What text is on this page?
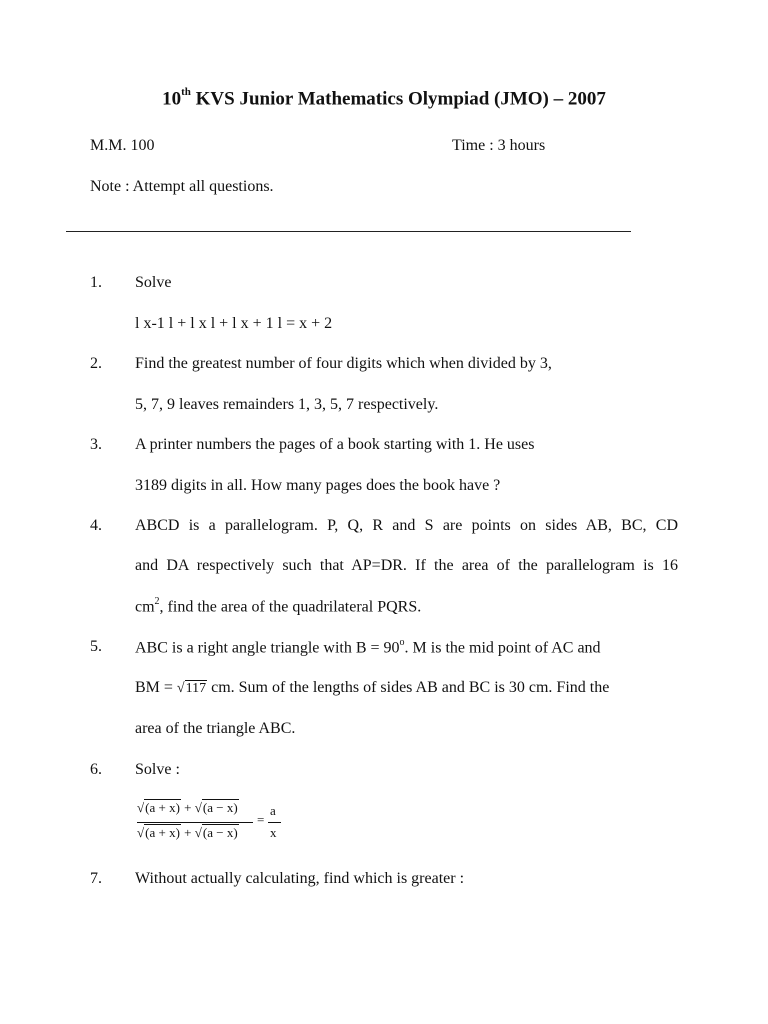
10th KVS Junior Mathematics Olympiad (JMO) – 2007
M.M. 100	Time : 3 hours
Note : Attempt all questions.
1. Solve
l x-1 l + l x l + l x + 1 l = x + 2
2. Find the greatest number of four digits which when divided by 3,
5, 7, 9 leaves remainders 1, 3, 5, 7 respectively.
3. A printer numbers the pages of a book starting with 1. He uses
3189 digits in all. How many pages does the book have ?
4. ABCD is a parallelogram. P, Q, R and S are points on sides AB, BC, CD
and DA respectively such that AP=DR. If the area of the parallelogram is 16
$cm^2$, find the area of the quadrilateral PQRS.
5. ABC is a right angle triangle with $B = 90^o$. M is the mid point of AC and
BM = √117 cm. Sum of the lengths of sides AB and BC is 30 cm. Find the
area of the triangle ABC.
6. Solve :
√(a + x) + √(a − x)
√(a + x) + √(a − x)
=
a
x
7. Without actually calculating, find which is greater :
